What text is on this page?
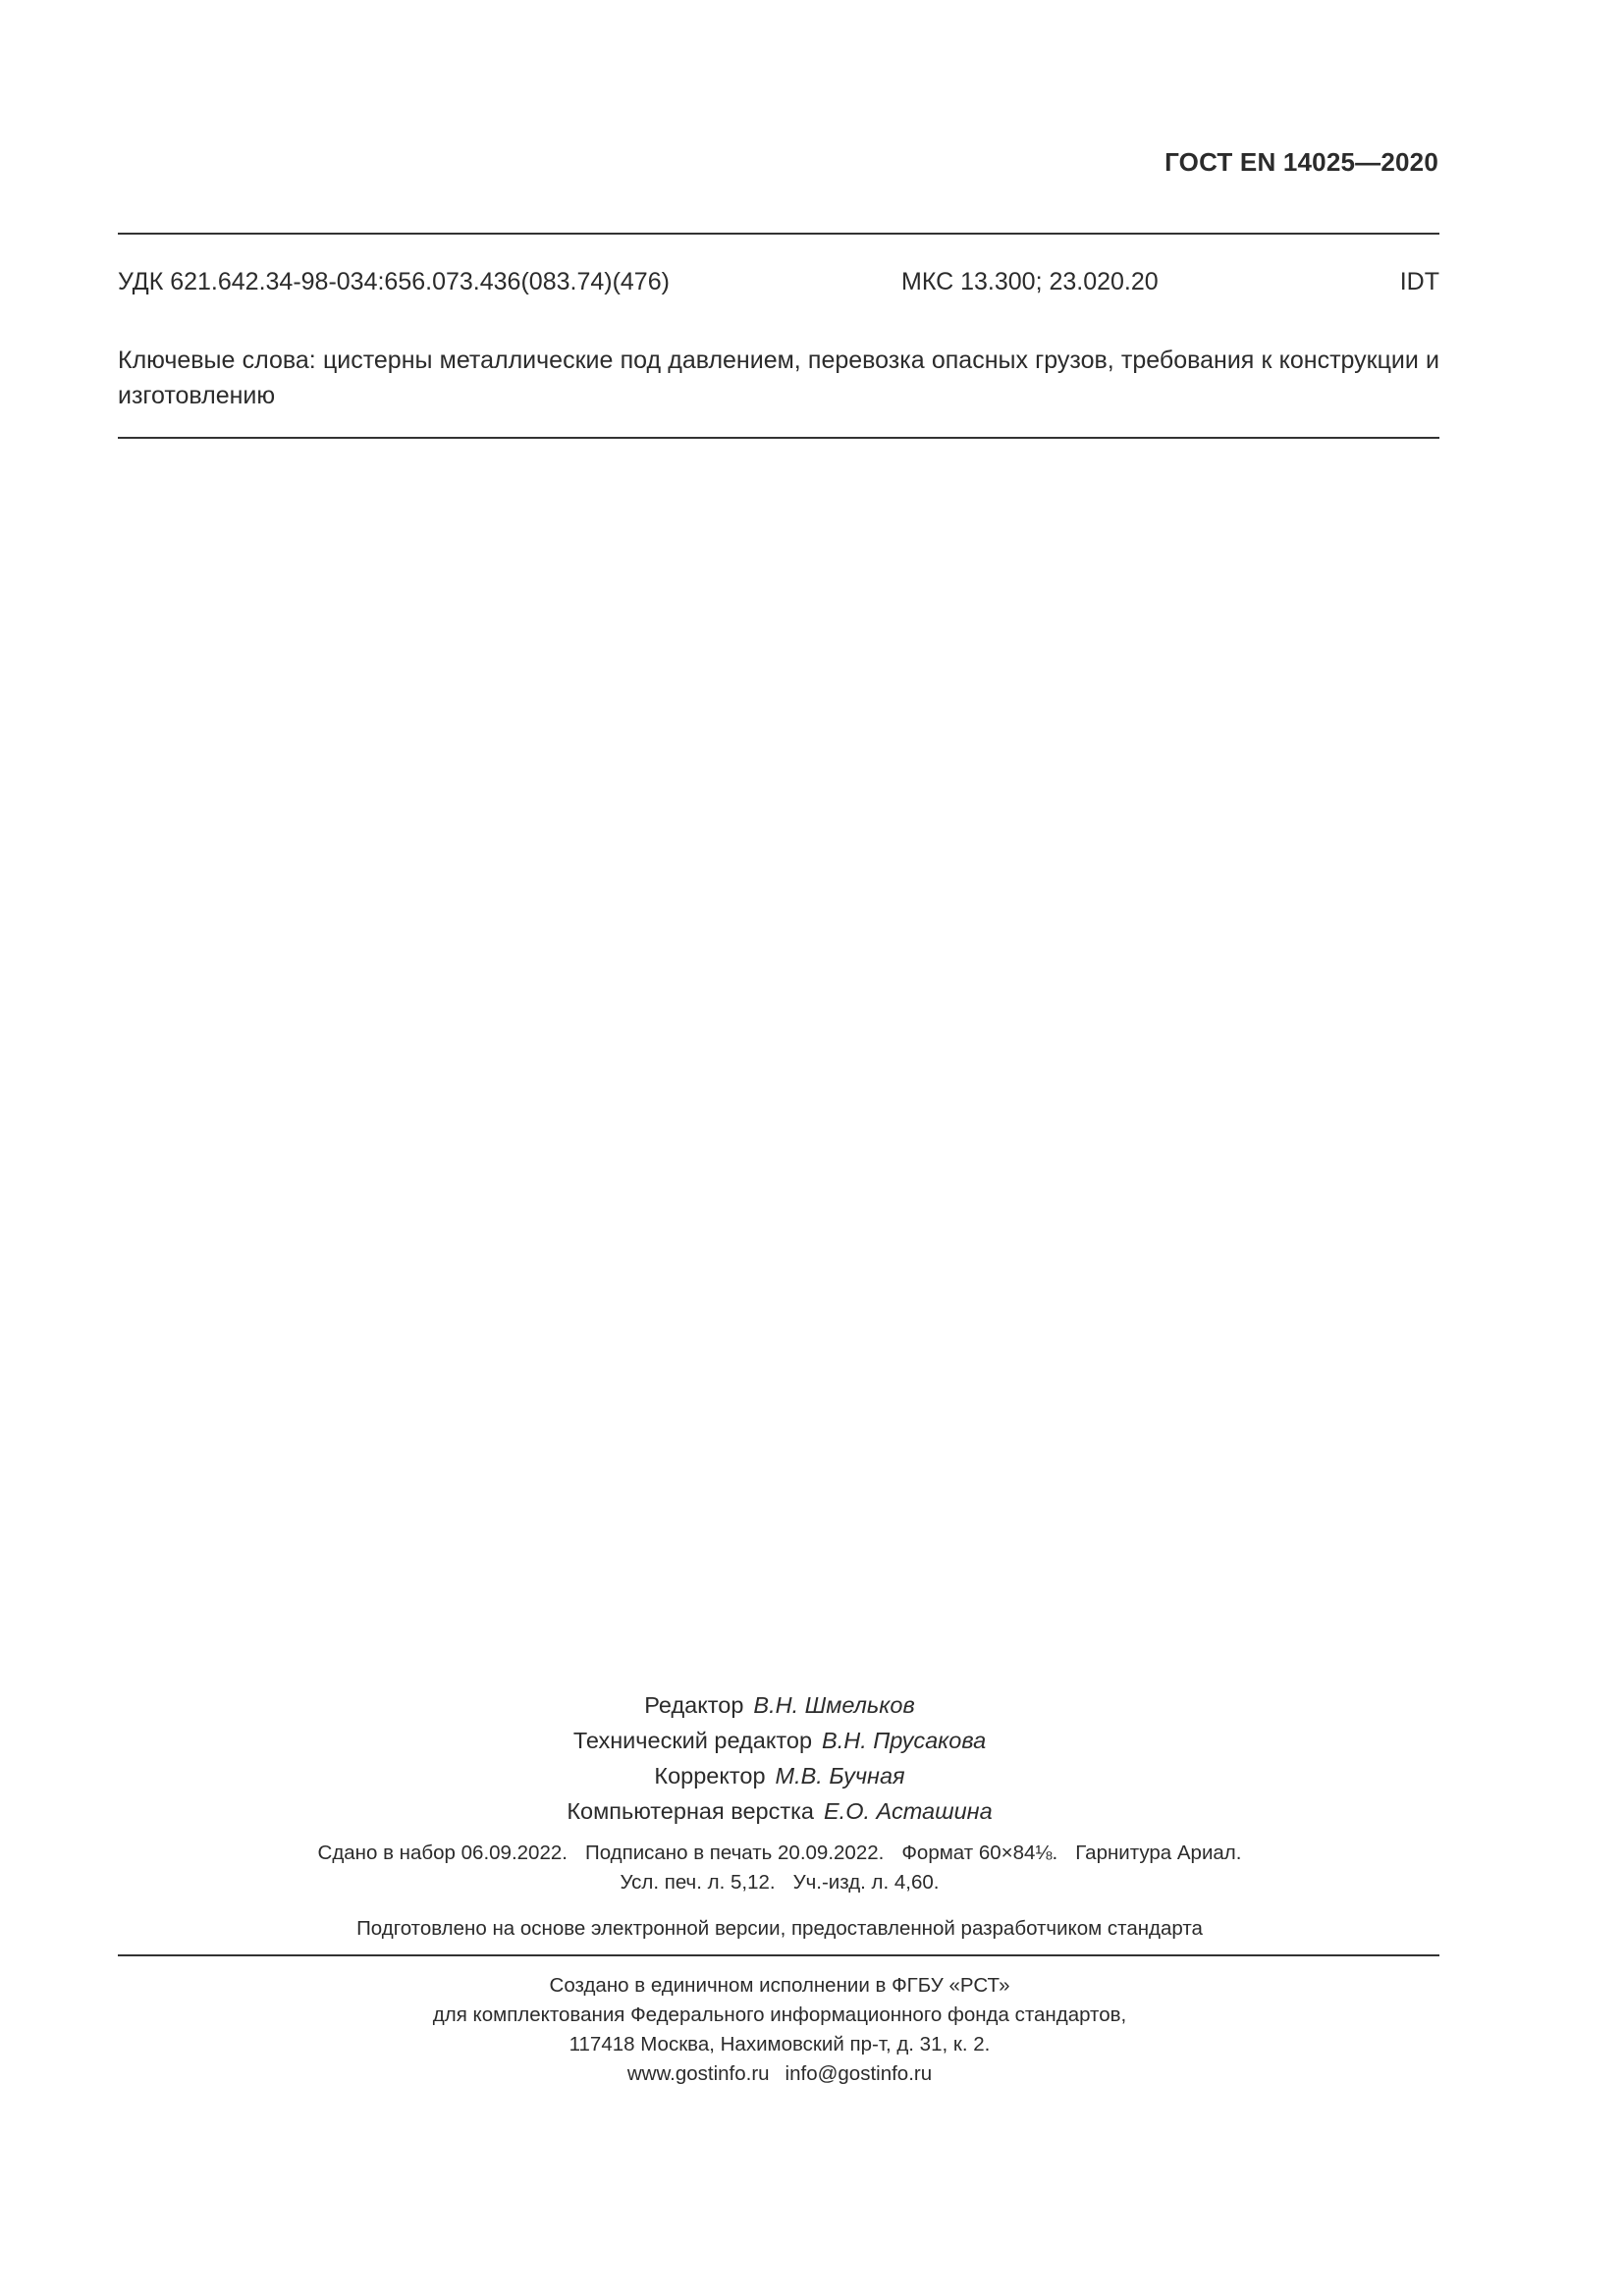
ГОСТ EN 14025—2020
УДК 621.642.34-98-034:656.073.436(083.74)(476)	МКС 13.300; 23.020.20	IDT
Ключевые слова: цистерны металлические под давлением, перевозка опасных грузов, требования к конструкции и изготовлению
Редактор В.Н. Шмельков
Технический редактор В.Н. Прусакова
Корректор М.В. Бучная
Компьютерная верстка Е.О. Асташина
Сдано в набор 06.09.2022. Подписано в печать 20.09.2022. Формат 60×84⅛. Гарнитура Ариал.
Усл. печ. л. 5,12. Уч.-изд. л. 4,60.
Подготовлено на основе электронной версии, предоставленной разработчиком стандарта
Создано в единичном исполнении в ФГБУ «РСТ»
для комплектования Федерального информационного фонда стандартов,
117418 Москва, Нахимовский пр-т, д. 31, к. 2.
www.gostinfo.ru info@gostinfo.ru
